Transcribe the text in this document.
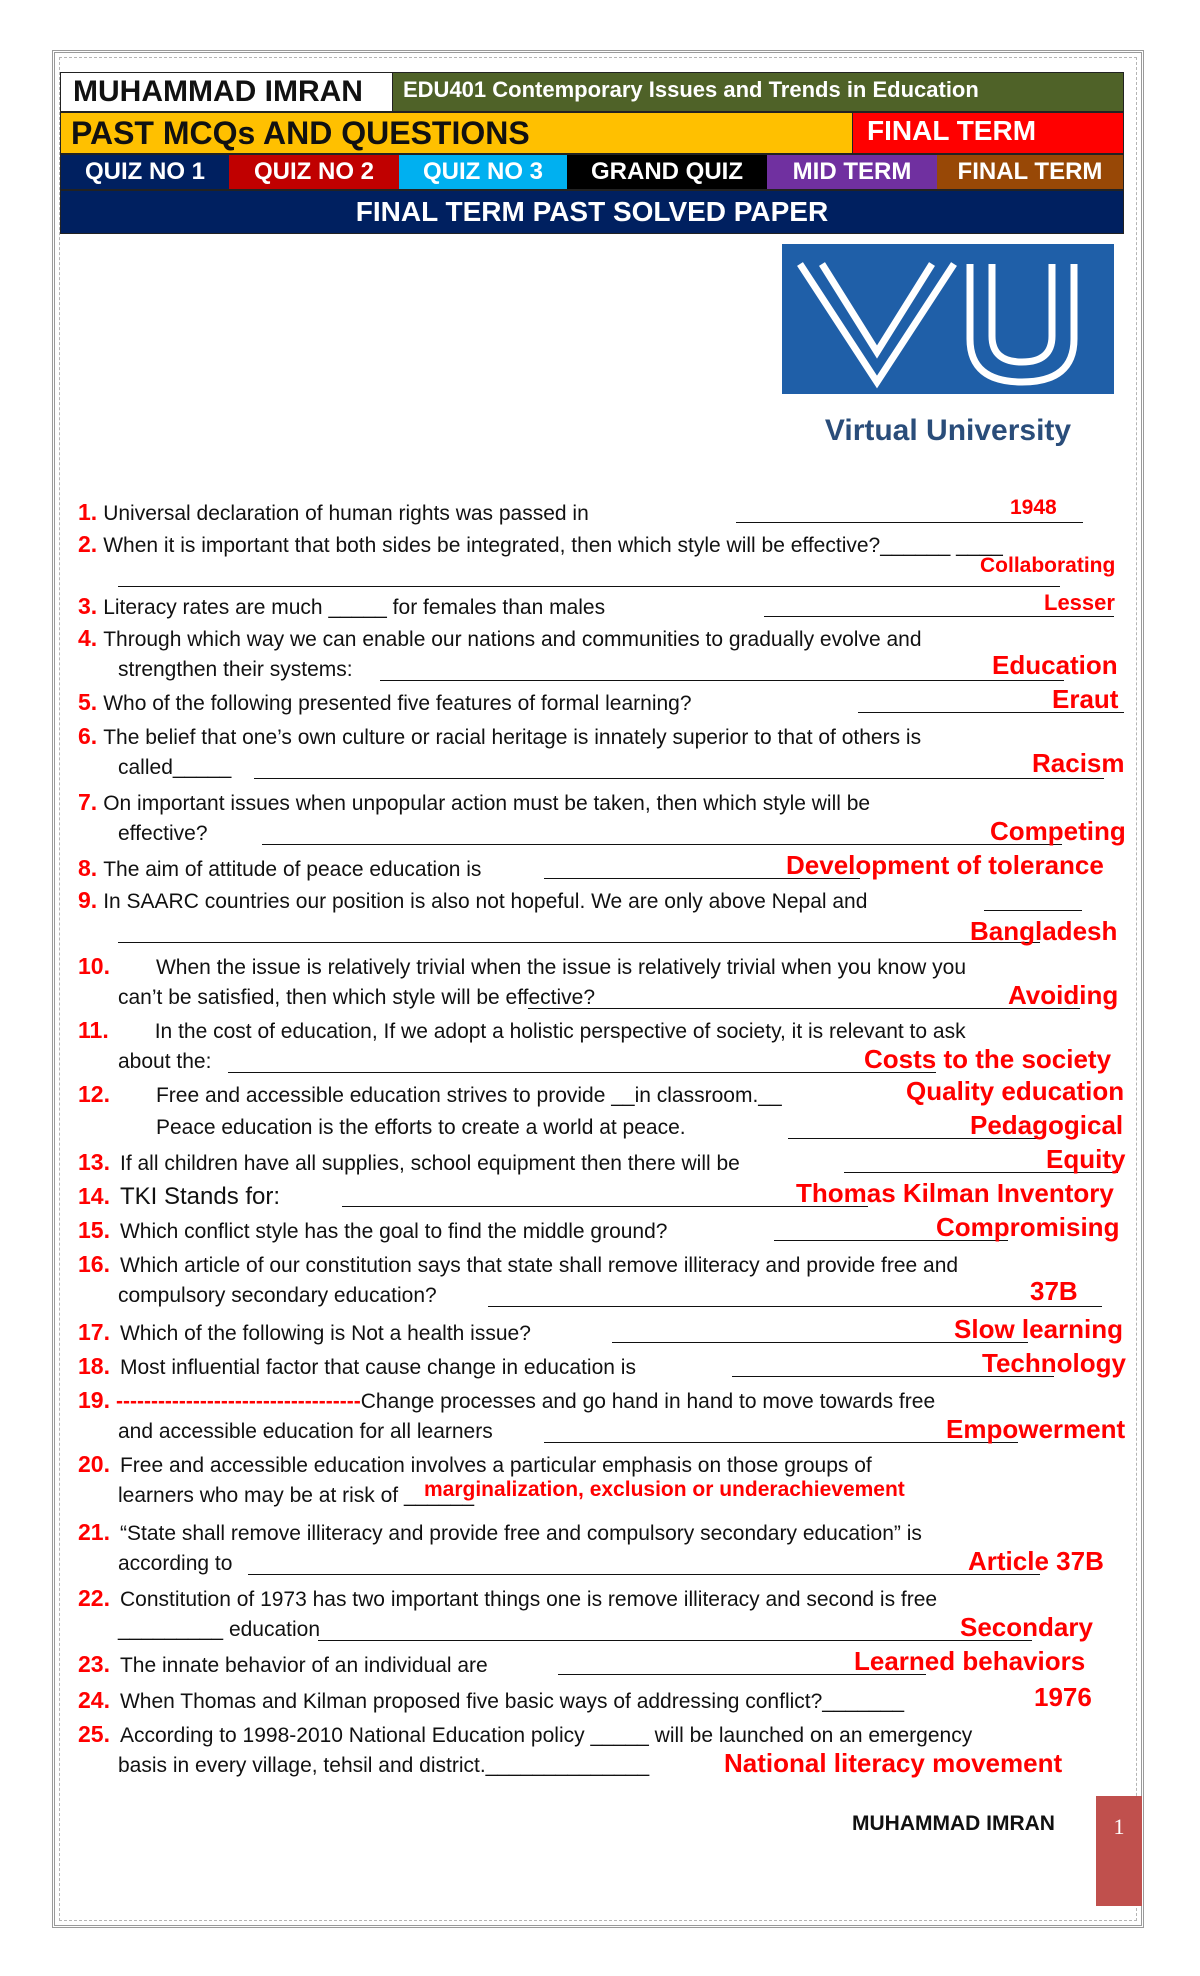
MUHAMMAD IMRAN	EDU401 Contemporary Issues and Trends in Education
PAST MCQs AND QUESTIONS	FINAL TERM
QUIZ NO 1	QUIZ NO 2	QUIZ NO 3	GRAND QUIZ	MID TERM	FINAL TERM
FINAL TERM PAST SOLVED PAPER
Virtual University
1. Universal declaration of human rights was passed in	1948
2. When it is important that both sides be integrated, then which style will be effective?______ ____
Collaborating
3. Literacy rates are much _____ for females than males	Lesser
4. Through which way we can enable our nations and communities to gradually evolve and
strengthen their systems:	Education
5. Who of the following presented five features of formal learning?	Eraut
6. The belief that one’s own culture or racial heritage is innately superior to that of others is
called_____	Racism
7. On important issues when unpopular action must be taken, then which style will be
effective?	Competing
8. The aim of attitude of peace education is	Development of tolerance
9. In SAARC countries our position is also not hopeful. We are only above Nepal and
Bangladesh
10. When the issue is relatively trivial when the issue is relatively trivial when you know you
can’t be satisfied, then which style will be effective?	Avoiding
11. In the cost of education, If we adopt a holistic perspective of society, it is relevant to ask
about the:	Costs to the society
12. Free and accessible education strives to provide __in classroom.__	Quality education
Peace education is the efforts to create a world at peace.	Pedagogical
13. If all children have all supplies, school equipment then there will be	Equity
14. TKI Stands for:	Thomas Kilman Inventory
15. Which conflict style has the goal to find the middle ground?	Compromising
16. Which article of our constitution says that state shall remove illiteracy and provide free and
compulsory secondary education?	37B
17. Which of the following is Not a health issue?	Slow learning
18. Most influential factor that cause change in education is	Technology
19. -----------------------------------Change processes and go hand in hand to move towards free
and accessible education for all learners	Empowerment
20. Free and accessible education involves a particular emphasis on those groups of
learners who may be at risk of ______
marginalization, exclusion or underachievement
21. “State shall remove illiteracy and provide free and compulsory secondary education” is
according to	Article 37B
22. Constitution of 1973 has two important things one is remove illiteracy and second is free
_________ education	Secondary
23. The innate behavior of an individual are	Learned behaviors
24. When Thomas and Kilman proposed five basic ways of addressing conflict?_______	1976
25. According to 1998-2010 National Education policy _____ will be launched on an emergency
basis in every village, tehsil and district.______________	National literacy movement
MUHAMMAD IMRAN	1
